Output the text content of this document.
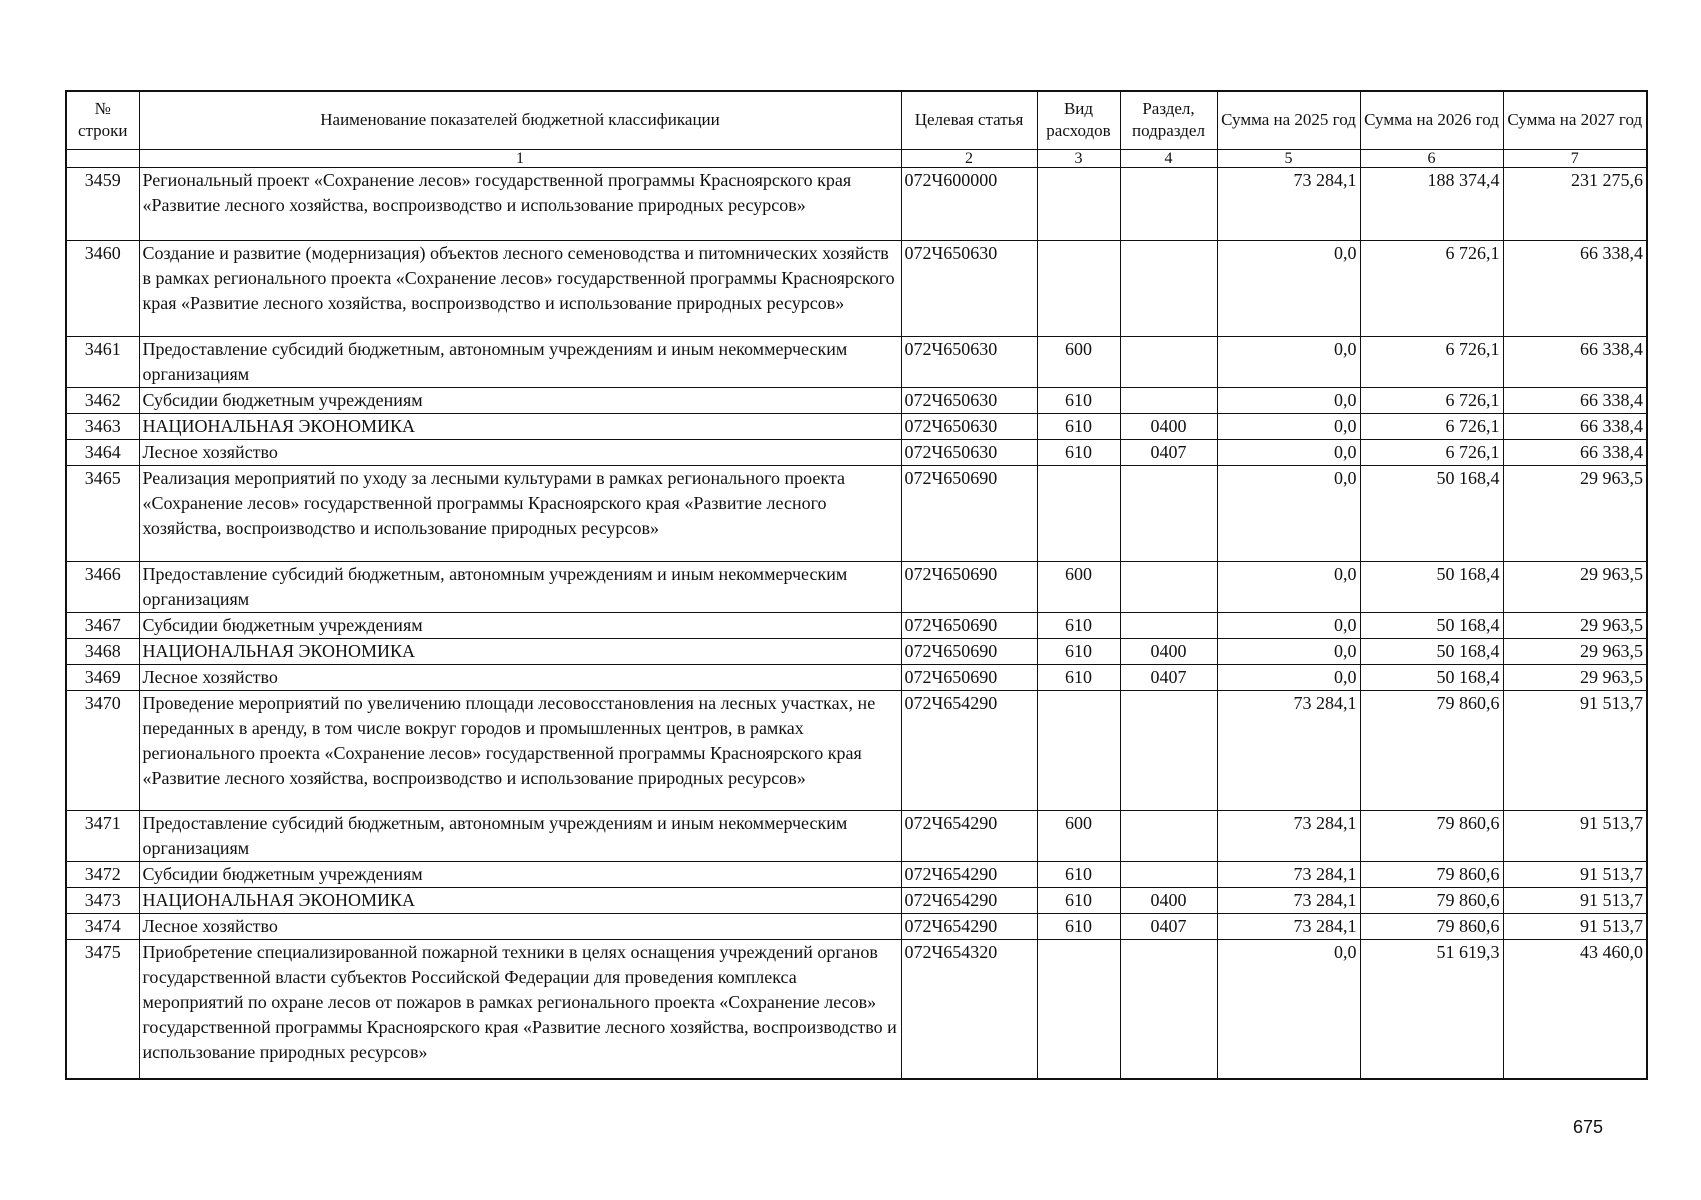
№ строки	Наименование показателей бюджетной классификации	Целевая статья	Вид расходов	Раздел, подраздел	Сумма на 2025 год	Сумма на 2026 год	Сумма на 2027 год
	1	2	3	4	5	6	7
3459	Региональный проект «Сохранение лесов» государственной программы Красноярского края «Развитие лесного хозяйства, воспроизводство и использование природных ресурсов»	072Ч600000			73 284,1	188 374,4	231 275,6
3460	Создание и развитие (модернизация) объектов лесного семеноводства и питомнических хозяйств в рамках регионального проекта «Сохранение лесов» государственной программы Красноярского края «Развитие лесного хозяйства, воспроизводство и использование природных ресурсов»	072Ч650630			0,0	6 726,1	66 338,4
3461	Предоставление субсидий бюджетным, автономным учреждениям и иным некоммерческим организациям	072Ч650630	600		0,0	6 726,1	66 338,4
3462	Субсидии бюджетным учреждениям	072Ч650630	610		0,0	6 726,1	66 338,4
3463	НАЦИОНАЛЬНАЯ ЭКОНОМИКА	072Ч650630	610	0400	0,0	6 726,1	66 338,4
3464	Лесное хозяйство	072Ч650630	610	0407	0,0	6 726,1	66 338,4
3465	Реализация мероприятий по уходу за лесными культурами в рамках регионального проекта «Сохранение лесов» государственной программы Красноярского края «Развитие лесного хозяйства, воспроизводство и использование природных ресурсов»	072Ч650690			0,0	50 168,4	29 963,5
3466	Предоставление субсидий бюджетным, автономным учреждениям и иным некоммерческим организациям	072Ч650690	600		0,0	50 168,4	29 963,5
3467	Субсидии бюджетным учреждениям	072Ч650690	610		0,0	50 168,4	29 963,5
3468	НАЦИОНАЛЬНАЯ ЭКОНОМИКА	072Ч650690	610	0400	0,0	50 168,4	29 963,5
3469	Лесное хозяйство	072Ч650690	610	0407	0,0	50 168,4	29 963,5
3470	Проведение мероприятий по увеличению площади лесовосстановления на лесных участках, не переданных в аренду, в том числе вокруг городов и промышленных центров, в рамках регионального проекта «Сохранение лесов» государственной программы Красноярского края «Развитие лесного хозяйства, воспроизводство и использование природных ресурсов»	072Ч654290			73 284,1	79 860,6	91 513,7
3471	Предоставление субсидий бюджетным, автономным учреждениям и иным некоммерческим организациям	072Ч654290	600		73 284,1	79 860,6	91 513,7
3472	Субсидии бюджетным учреждениям	072Ч654290	610		73 284,1	79 860,6	91 513,7
3473	НАЦИОНАЛЬНАЯ ЭКОНОМИКА	072Ч654290	610	0400	73 284,1	79 860,6	91 513,7
3474	Лесное хозяйство	072Ч654290	610	0407	73 284,1	79 860,6	91 513,7
3475	Приобретение специализированной пожарной техники в целях оснащения учреждений органов государственной власти субъектов Российской Федерации для проведения комплекса мероприятий по охране лесов от пожаров в рамках регионального проекта «Сохранение лесов» государственной программы Красноярского края «Развитие лесного хозяйства, воспроизводство и использование природных ресурсов»	072Ч654320			0,0	51 619,3	43 460,0
675
